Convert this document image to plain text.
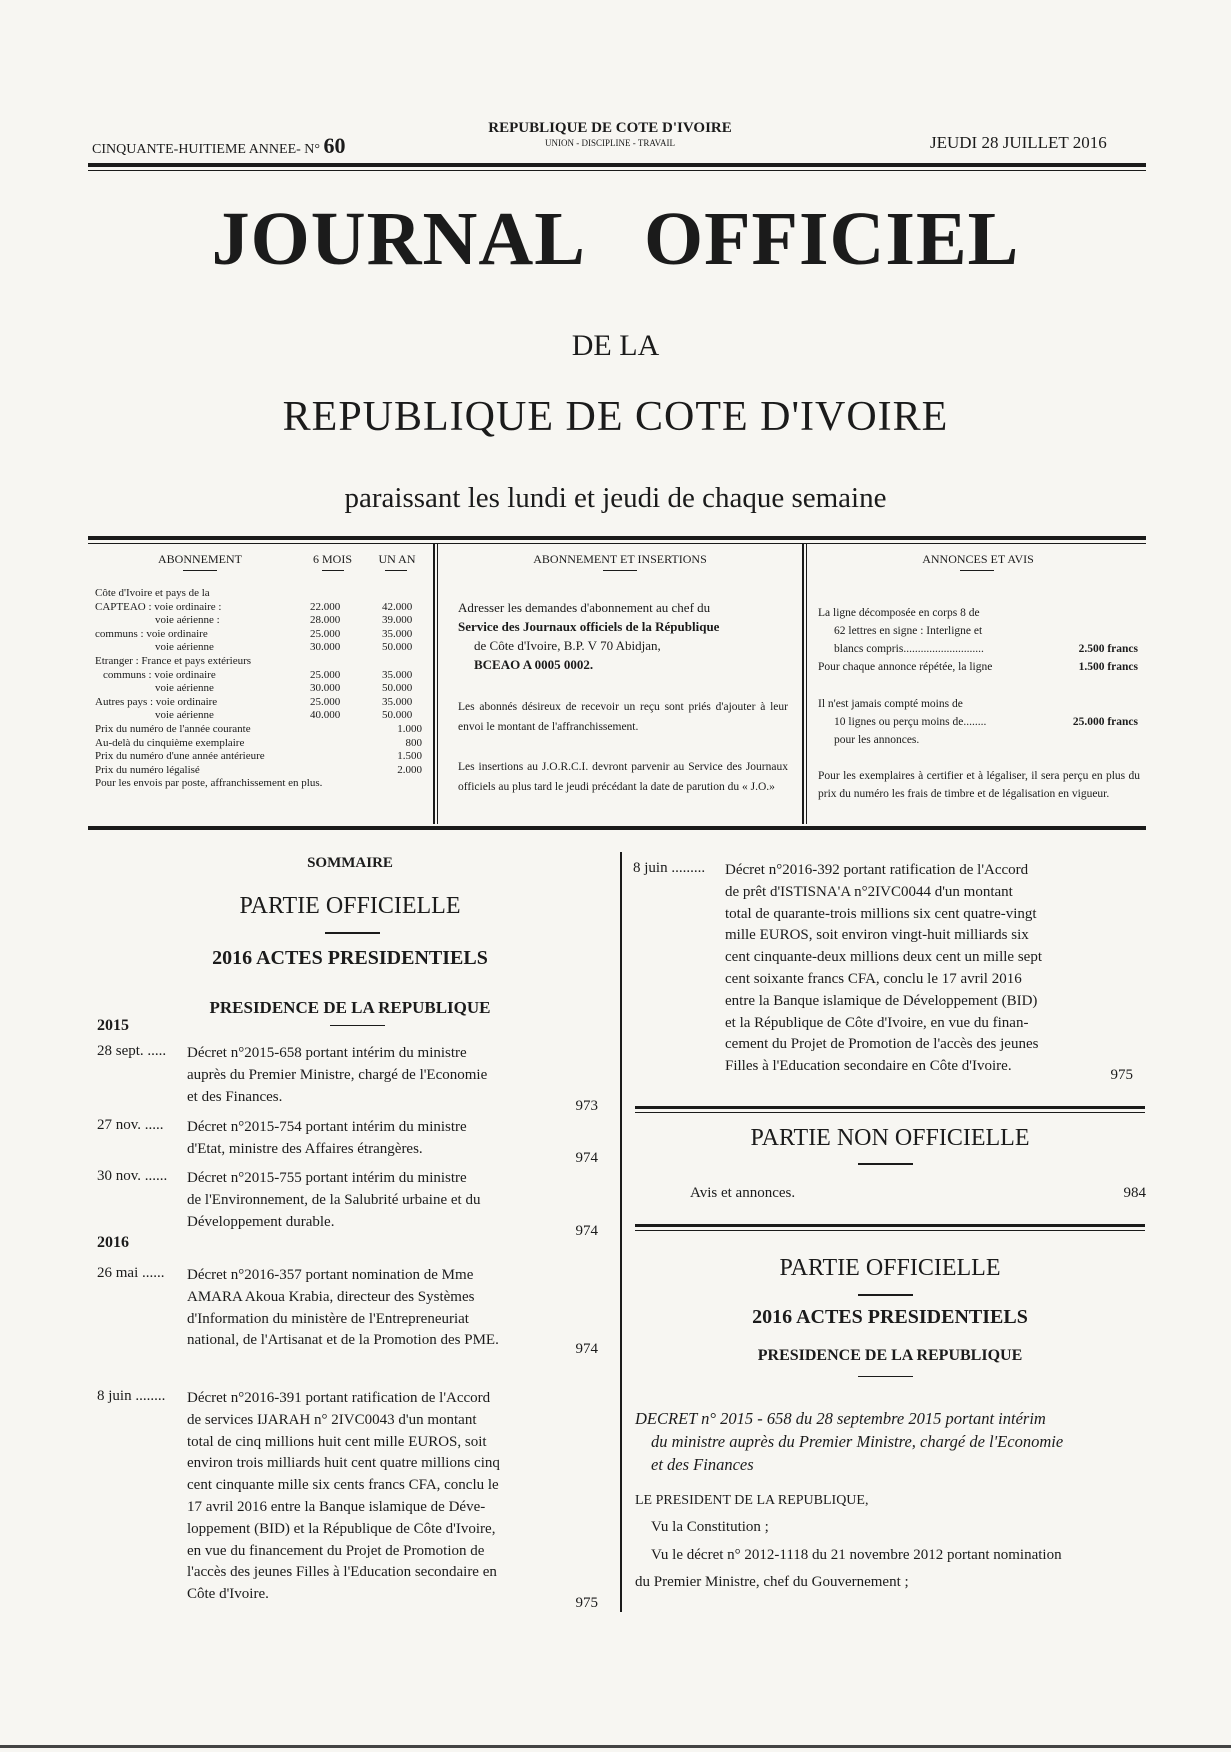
CINQUANTE-HUITIEME ANNEE- N° 60
REPUBLIQUE DE COTE D'IVOIRE
UNION - DISCIPLINE - TRAVAIL	JEUDI 28 JUILLET 2016
JOURNAL OFFICIEL
DE LA
REPUBLIQUE DE COTE D'IVOIRE
paraissant les lundi et jeudi de chaque semaine
ABONNEMENT	6 MOIS	UN AN
Côte d'Ivoire et pays de la
CAPTEAO : voie ordinaire :	22.000	42.000
voie aérienne :	28.000	39.000
communs : voie ordinaire	25.000	35.000
voie aérienne	30.000	50.000
Etranger : France et pays extérieurs
communs : voie ordinaire	25.000	35.000
voie aérienne	30.000	50.000
Autres pays : voie ordinaire	25.000	35.000
voie aérienne	40.000	50.000
Prix du numéro de l'année courante	1.000
Au-delà du cinquième exemplaire	800
Prix du numéro d'une année antérieure	1.500
Prix du numéro légalisé	2.000
Pour les envois par poste, affranchissement en plus.
ABONNEMENT ET INSERTIONS
Adresser les demandes d'abonnement au chef du
Service des Journaux officiels de la République
de Côte d'Ivoire, B.P. V 70 Abidjan,
BCEAO A 0005 0002.
Les abonnés désireux de recevoir un reçu sont priés d'ajouter à leur envoi le montant de l'affranchissement.
Les insertions au J.O.R.C.I. devront parvenir au Service des Journaux officiels au plus tard le jeudi précédant la date de parution du « J.O.»
ANNONCES ET AVIS
La ligne décomposée en corps 8 de
62 lettres en signe : Interligne et
blancs compris............................	2.500 francs
Pour chaque annonce répétée, la ligne	1.500 francs
Il n'est jamais compté moins de
10 lignes ou perçu moins de........	25.000 francs
pour les annonces.
Pour les exemplaires à certifier et à légaliser, il sera perçu en plus du prix du numéro les frais de timbre et de légalisation en vigueur.
SOMMAIRE
PARTIE OFFICIELLE
2016 ACTES PRESIDENTIELS
PRESIDENCE DE LA REPUBLIQUE
2015
2016
28 sept. ..... Décret n°2015-658 portant intérim du ministre
auprès du Premier Ministre, chargé de l'Economie
et des Finances.
973
27 nov. ..... Décret n°2015-754 portant intérim du ministre
d'Etat, ministre des Affaires étrangères.
974
30 nov. ...... Décret n°2015-755 portant intérim du ministre
de l'Environnement, de la Salubrité urbaine et du
Développement durable.
974
26 mai ...... Décret n°2016-357 portant nomination de Mme
AMARA Akoua Krabia, directeur des Systèmes
d'Information du ministère de l'Entrepreneuriat
national, de l'Artisanat et de la Promotion des PME.
974
8 juin ........ Décret n°2016-391 portant ratification de l'Accord
de services IJARAH n° 2IVC0043 d'un montant
total de cinq millions huit cent mille EUROS, soit
environ trois milliards huit cent quatre millions cinq
cent cinquante mille six cents francs CFA, conclu le
17 avril 2016 entre la Banque islamique de Déve-
loppement (BID) et la République de Côte d'Ivoire,
en vue du financement du Projet de Promotion de
l'accès des jeunes Filles à l'Education secondaire en
Côte d'Ivoire.
975
8 juin ......... Décret n°2016-392 portant ratification de l'Accord
de prêt d'ISTISNA'A n°2IVC0044 d'un montant
total de quarante-trois millions six cent quatre-vingt
mille EUROS, soit environ vingt-huit milliards six
cent cinquante-deux millions deux cent un mille sept
cent soixante francs CFA, conclu le 17 avril 2016
entre la Banque islamique de Développement (BID)
et la République de Côte d'Ivoire, en vue du finan-
cement du Projet de Promotion de l'accès des jeunes
Filles à l'Education secondaire en Côte d'Ivoire.
975
PARTIE NON OFFICIELLE
Avis et annonces.	984
PARTIE OFFICIELLE
2016 ACTES PRESIDENTIELS
PRESIDENCE DE LA REPUBLIQUE
DECRET n° 2015 - 658 du 28 septembre 2015 portant intérim
du ministre auprès du Premier Ministre, chargé de l'Economie
et des Finances
LE PRESIDENT DE LA REPUBLIQUE,
Vu la Constitution ;
Vu le décret n° 2012-1118 du 21 novembre 2012 portant nomination
du Premier Ministre, chef du Gouvernement ;
